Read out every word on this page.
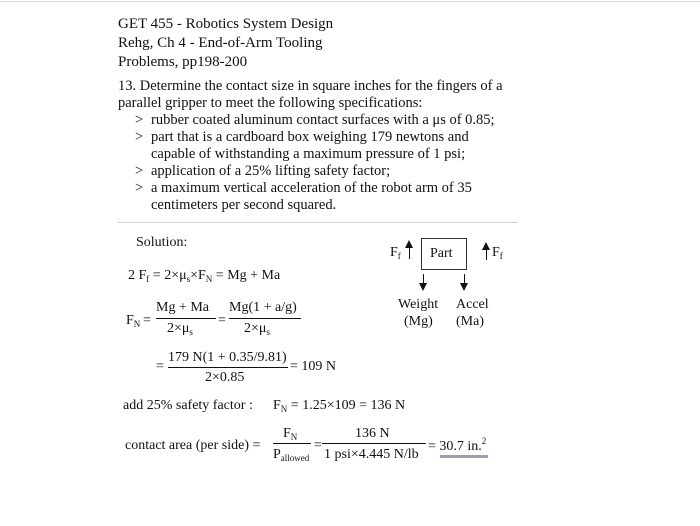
GET 455 - Robotics System Design
Rehg, Ch 4 - End-of-Arm Tooling
Problems, pp198-200
13. Determine the contact size in square inches for the fingers of a
parallel gripper to meet the following specifications:
> rubber coated aluminum contact surfaces with a μs of 0.85;
> part that is a cardboard box weighing 179 newtons and
capable of withstanding a maximum pressure of 1 psi;
> application of a 25% lifting safety factor;
> a maximum vertical acceleration of the robot arm of 35
centimeters per second squared.
Solution:
Part
$F_f$	$F_f$
Weight
(Mg)
Accel
(Ma)
2 $F_f = 2\times\mu_s\times F_N = Mg + Ma$
$F_N$ =
Mg + Ma
$2\times\mu_s$
=
Mg(1 + a/g)
$2\times\mu_s$
=
179 N(1 + 0.35/9.81)
2×0.85
= 109 N
add 25% safety factor : $F_N = 1.25\times 109 = 136$ N
contact area (per side) =
$F_N$
$P_{allowed}$
=
136 N
1 psi×4.445 N/lb
= 30.7 in.$^2$
